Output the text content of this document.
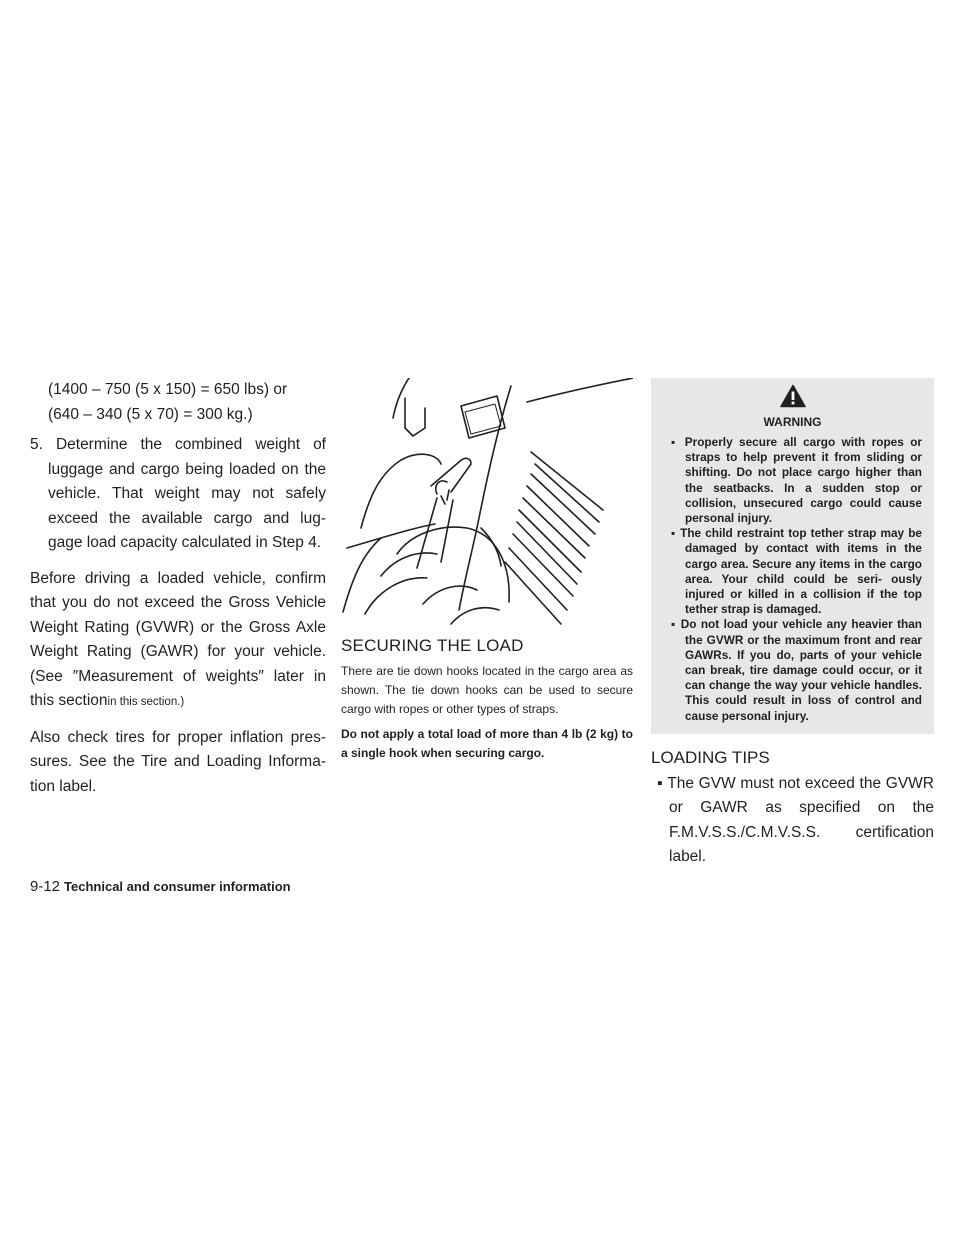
(1400 – 750 (5 x 150) = 650 lbs) or

(640 – 340 (5 x 70) = 300 kg.)

5. Determine the combined weight of luggage and cargo being loaded on the vehicle. That weight may not safely exceed the available cargo and lug- gage load capacity calculated in Step 4.

Before driving a loaded vehicle, confirm that you do not exceed the Gross Vehicle Weight Rating (GVWR) or the Gross Axle Weight Rating (GAWR) for your vehicle. (See ″Measurement of weights″ later in this sectionin this section.)

Also check tires for proper inflation pres- sures. See the Tire and Loading Informa- tion label.

SECURING THE LOAD

There are tie down hooks located in the cargo area as shown. The tie down hooks can be used to secure cargo with ropes or other types of straps.

Do not apply a total load of more than 4 lb (2 kg) to a single hook when securing cargo.

WARNING

▪ Properly secure all cargo with ropes or straps to help prevent it from sliding or shifting. Do not place cargo higher than the seatbacks. In a sudden stop or collision, unsecured cargo could cause personal injury.

▪ The child restraint top tether strap may be damaged by contact with items in the cargo area. Secure any items in the cargo area. Your child could be seri- ously injured or killed in a collision if the top tether strap is damaged.

▪ Do not load your vehicle any heavier than the GVWR or the maximum front and rear GAWRs. If you do, parts of your vehicle can break, tire damage could occur, or it can change the way your vehicle handles. This could result in loss of control and cause personal injury.

LOADING TIPS

▪ The GVW must not exceed the GVWR or GAWR as specified on the F.M.V.S.S./C.M.V.S.S. certification label.

9-12 Technical and consumer information
